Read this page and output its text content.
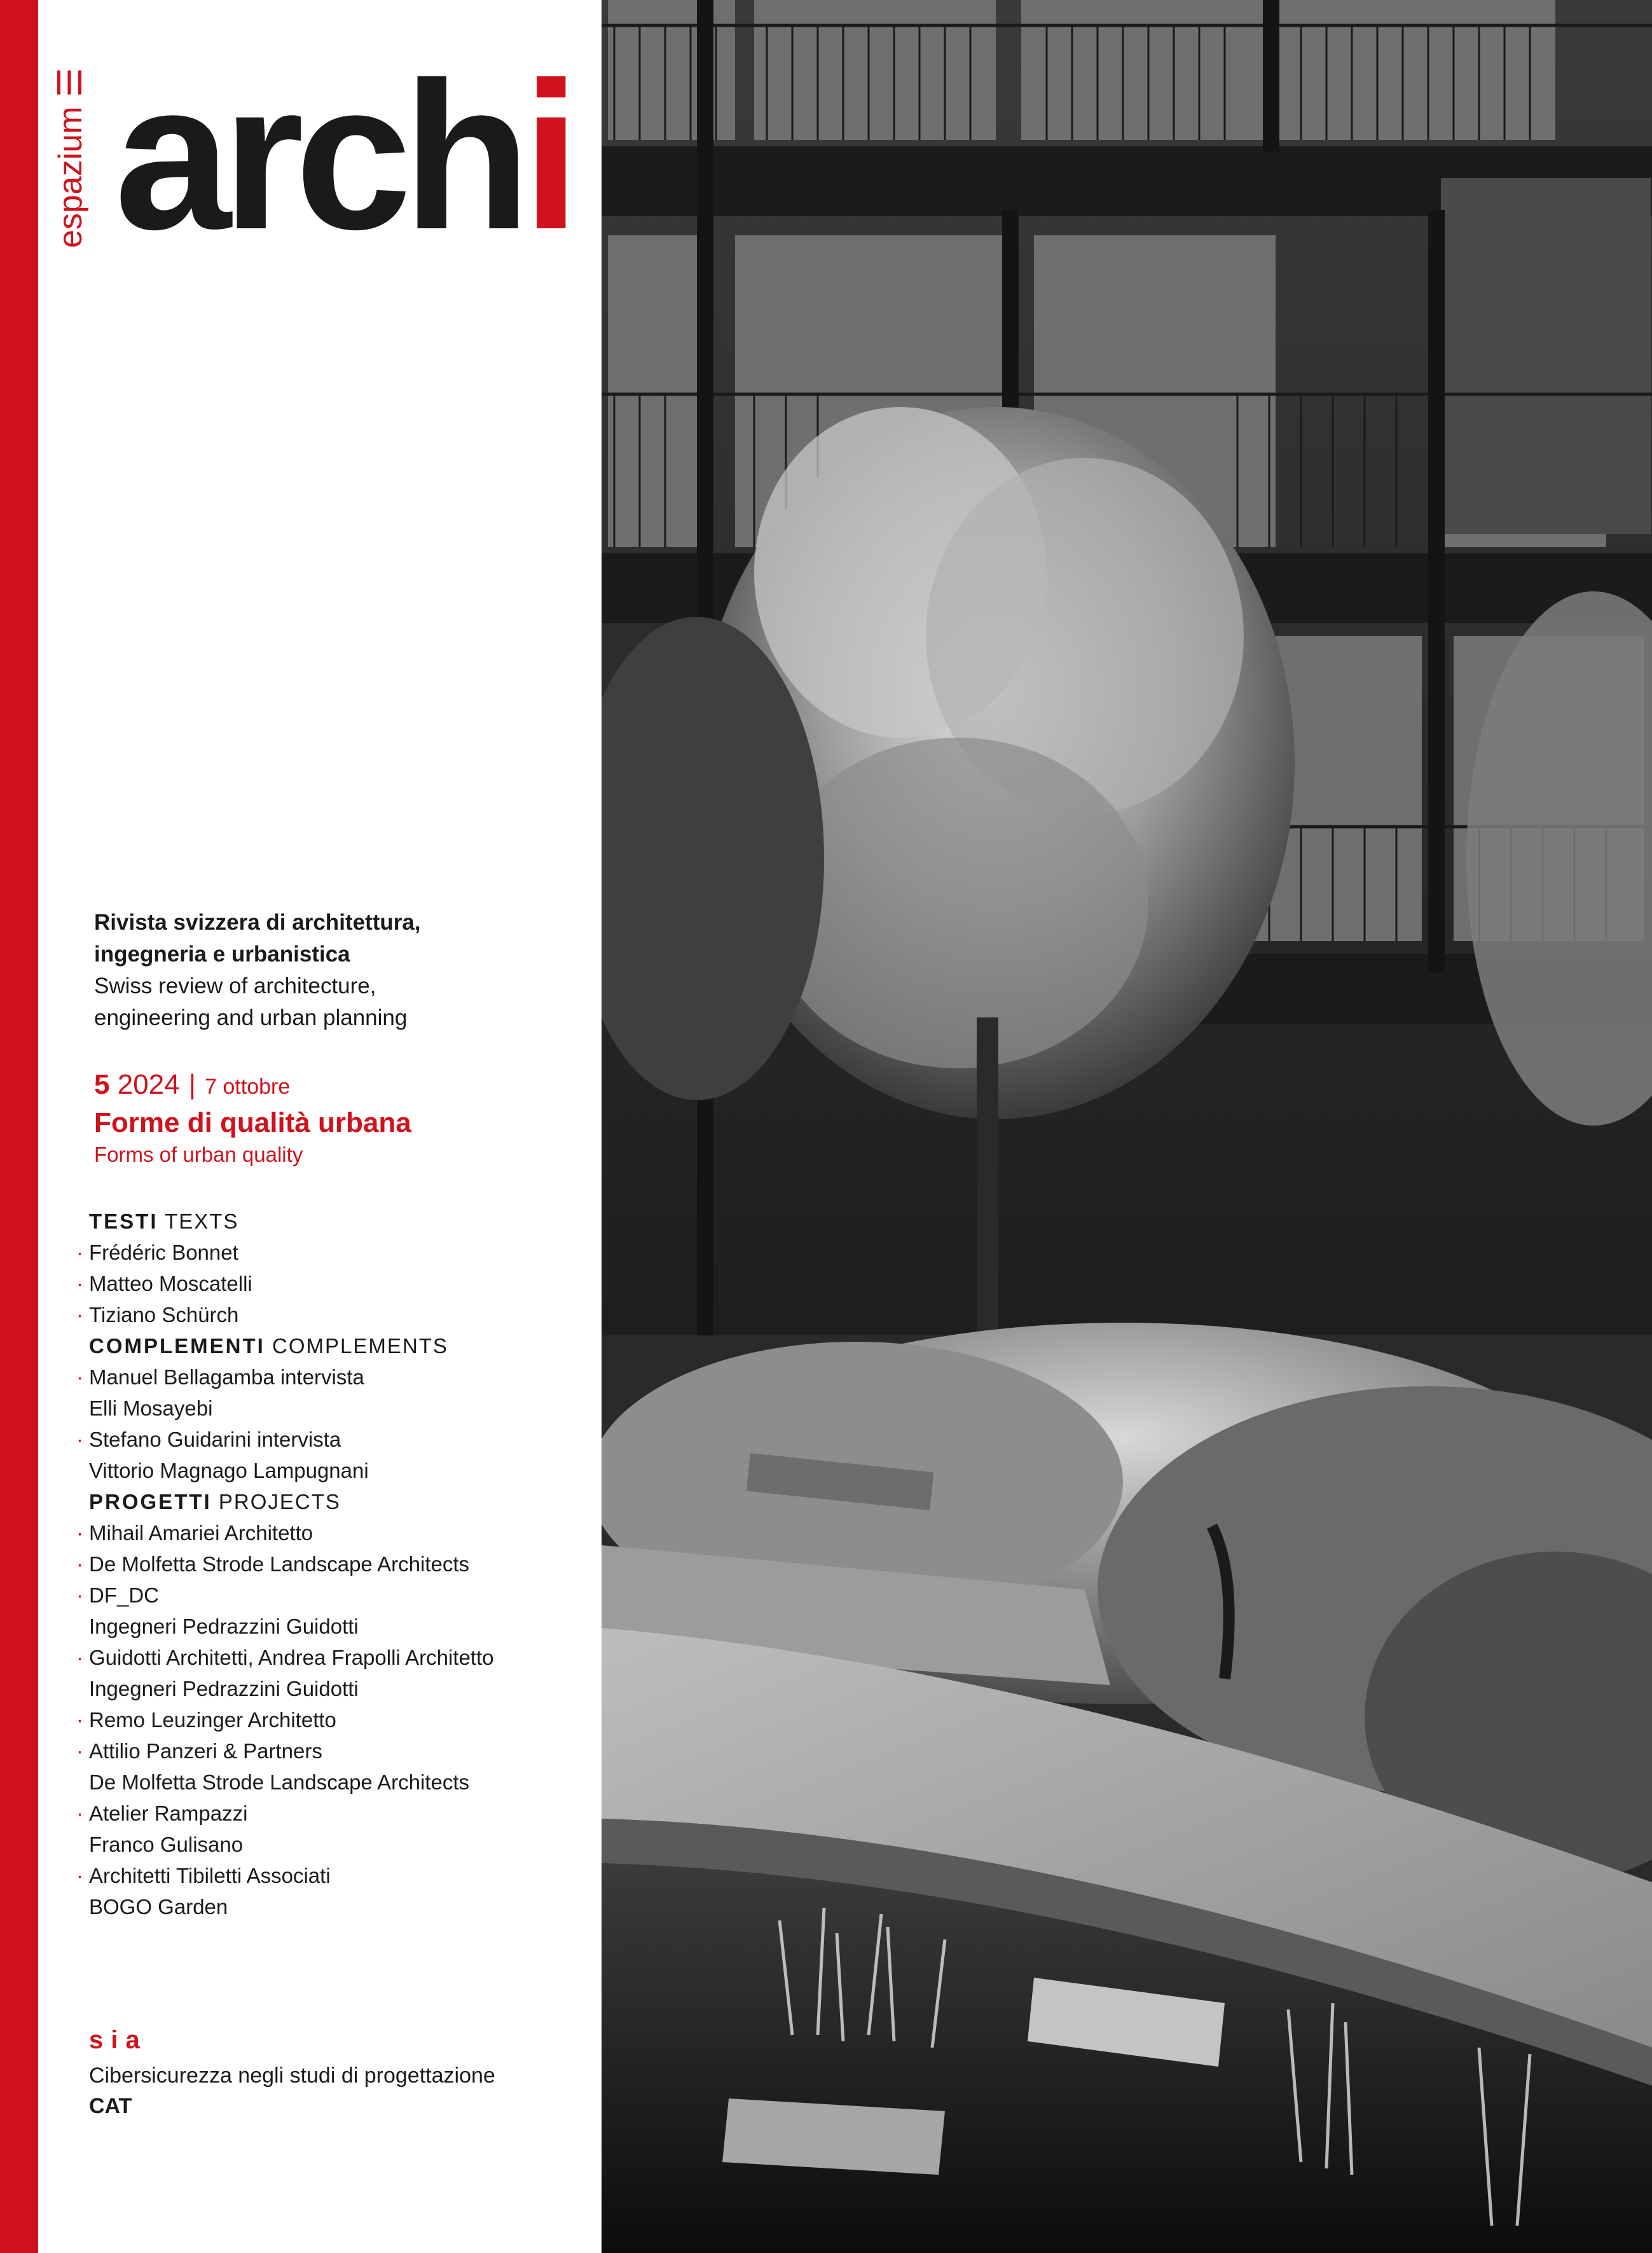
espazium ☰ archi
Rivista svizzera di architettura,
ingegneria e urbanistica
Swiss review of architecture,
engineering and urban planning
5 2024 | 7 ottobre
Forme di qualità urbana
Forms of urban quality
TESTI TEXTS
· Frédéric Bonnet
· Matteo Moscatelli
· Tiziano Schürch
COMPLEMENTI COMPLEMENTS
· Manuel Bellagamba intervista
Elli Mosayebi
· Stefano Guidarini intervista
Vittorio Magnago Lampugnani
PROGETTI PROJECTS
· Mihail Amariei Architetto
· De Molfetta Strode Landscape Architects
· DF_DC
Ingegneri Pedrazzini Guidotti
· Guidotti Architetti, Andrea Frapolli Architetto
Ingegneri Pedrazzini Guidotti
· Remo Leuzinger Architetto
· Attilio Panzeri & Partners
De Molfetta Strode Landscape Architects
· Atelier Rampazzi
Franco Gulisano
· Architetti Tibiletti Associati
BOGO Garden
sia
Cibersicurezza negli studi di progettazione
CAT
